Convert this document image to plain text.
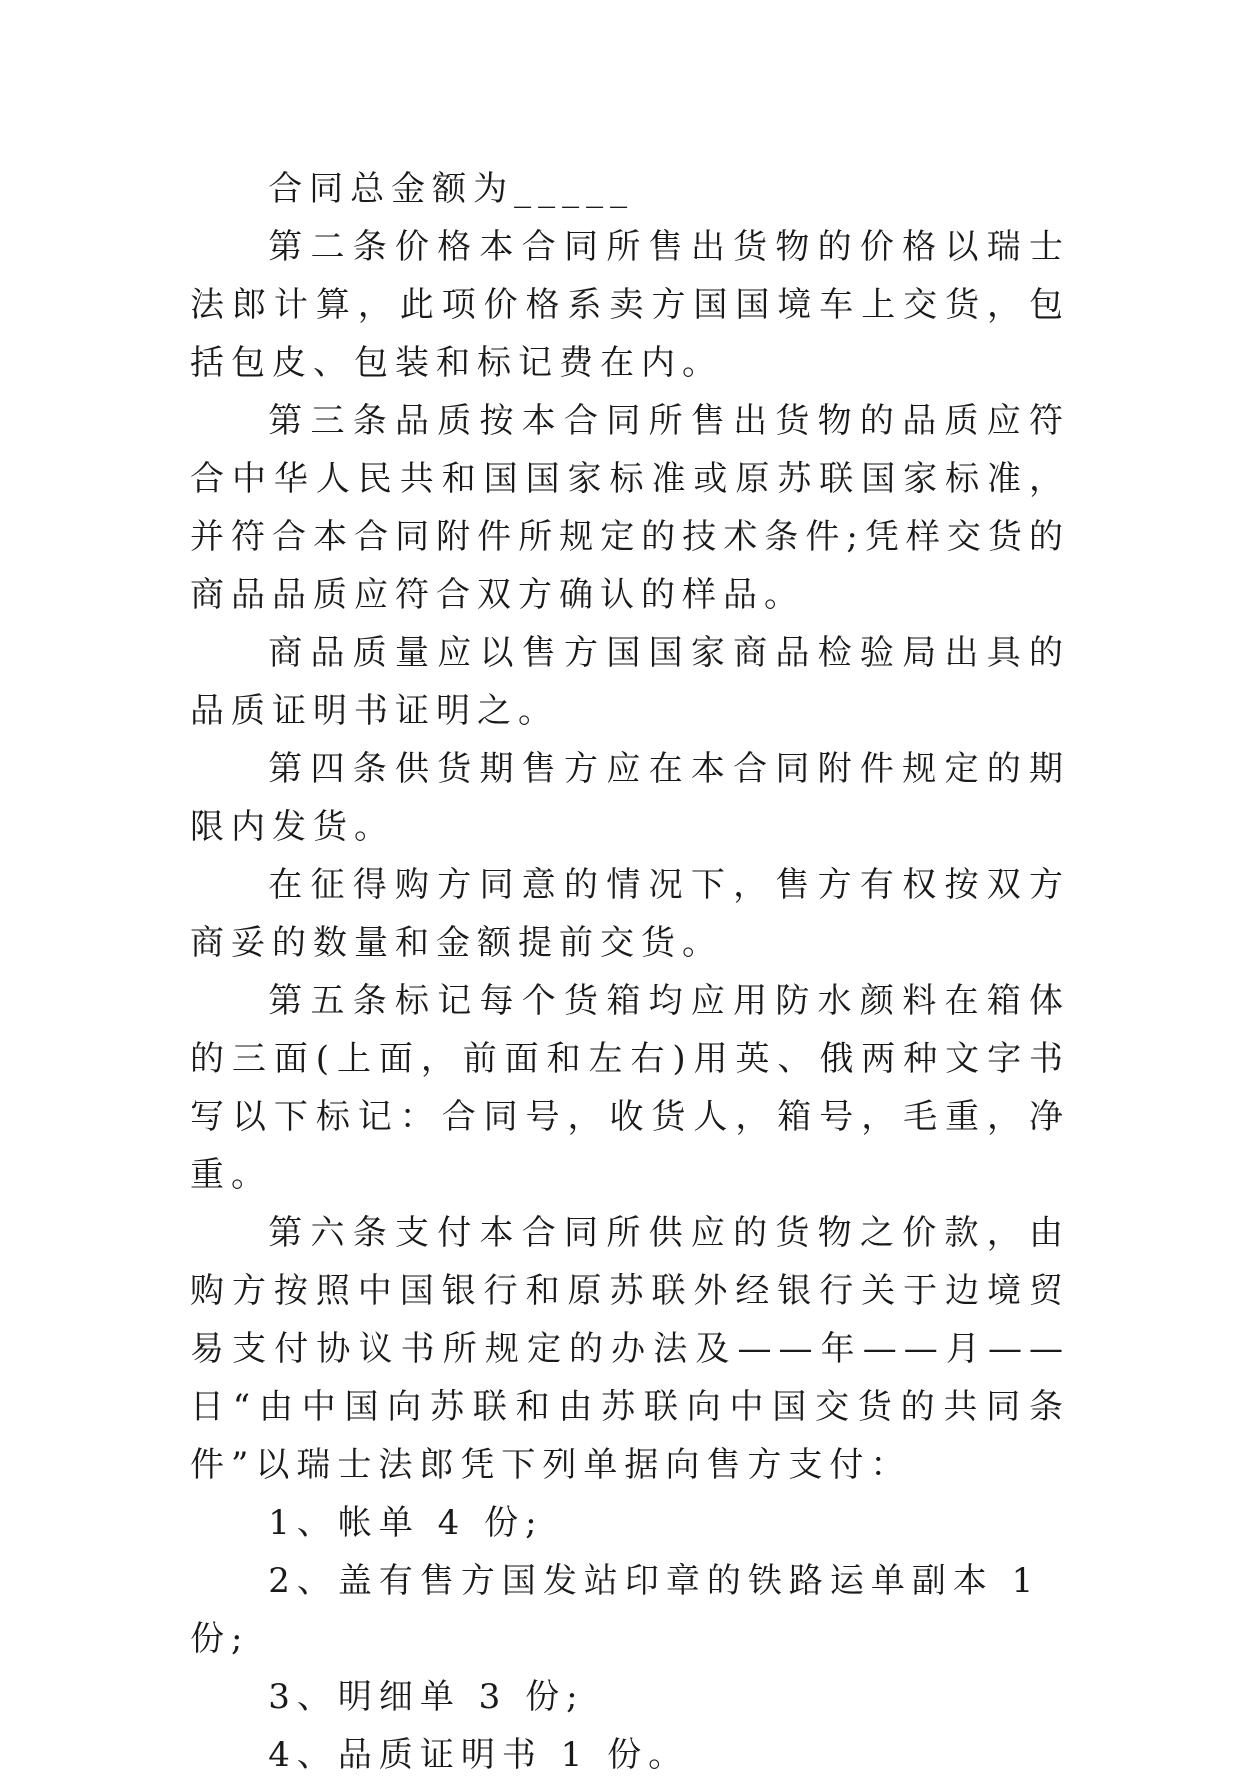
合同总金额为_____

第二条价格本合同所售出货物的价格以瑞士法郎计算，此项价格系卖方国国境车上交货，包括包皮、包装和标记费在内。

第三条品质按本合同所售出货物的品质应符合中华人民共和国国家标准或原苏联国家标准，并符合本合同附件所规定的技术条件;凭样交货的商品品质应符合双方确认的样品。

商品质量应以售方国国家商品检验局出具的品质证明书证明之。

第四条供货期售方应在本合同附件规定的期限内发货。

在征得购方同意的情况下，售方有权按双方商妥的数量和金额提前交货。

第五条标记每个货箱均应用防水颜料在箱体的三面(上面，前面和左右)用英、俄两种文字书写以下标记：合同号，收货人，箱号，毛重，净重。

第六条支付本合同所供应的货物之价款，由购方按照中国银行和原苏联外经银行关于边境贸易支付协议书所规定的办法及——年——月——日“由中国向苏联和由苏联向中国交货的共同条件”以瑞士法郎凭下列单据向售方支付：

1、帐单 4 份;

2、盖有售方国发站印章的铁路运单副本 1 份;

3、明细单 3 份;

4、品质证明书 1 份。
